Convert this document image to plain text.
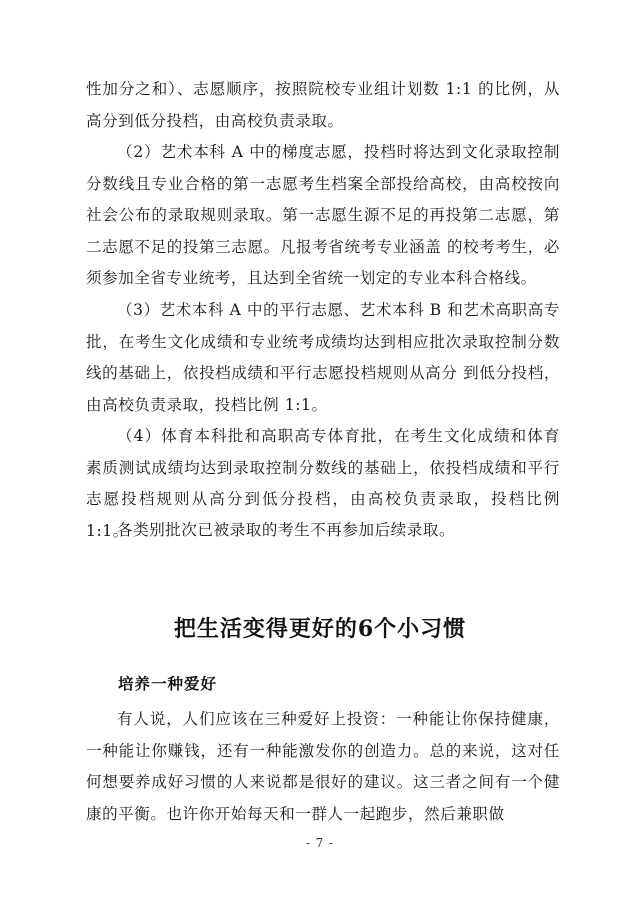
性加分之和）、志愿顺序，按照院校专业组计划数 1:1 的比例，从高分到低分投档，由高校负责录取。

（2）艺术本科 A 中的梯度志愿，投档时将达到文化录取控制分数线且专业合格的第一志愿考生档案全部投给高校，由高校按向社会公布的录取规则录取。第一志愿生源不足的再投第二志愿，第二志愿不足的投第三志愿。凡报考省统考专业涵盖 的校考考生，必须参加全省专业统考，且达到全省统一划定的专业本科合格线。

（3）艺术本科 A 中的平行志愿、艺术本科 B 和艺术高职高专批，在考生文化成绩和专业统考成绩均达到相应批次录取控制分数线的基础上，依投档成绩和平行志愿投档规则从高分 到低分投档，由高校负责录取，投档比例 1:1。

（4）体育本科批和高职高专体育批，在考生文化成绩和体育素质测试成绩均达到录取控制分数线的基础上，依投档成绩和平行志愿投档规则从高分到低分投档，由高校负责录取，投档比例 1:1。

各类别批次已被录取的考生不再参加后续录取。

把生活变得更好的6个小习惯
培养一种爱好

有人说，人们应该在三种爱好上投资：一种能让你保持健康，一种能让你赚钱，还有一种能激发你的创造力。总的来说，这对任何想要养成好习惯的人来说都是很好的建议。这三者之间有一个健康的平衡。也许你开始每天和一群人一起跑步，然后兼职做

- 7 -
